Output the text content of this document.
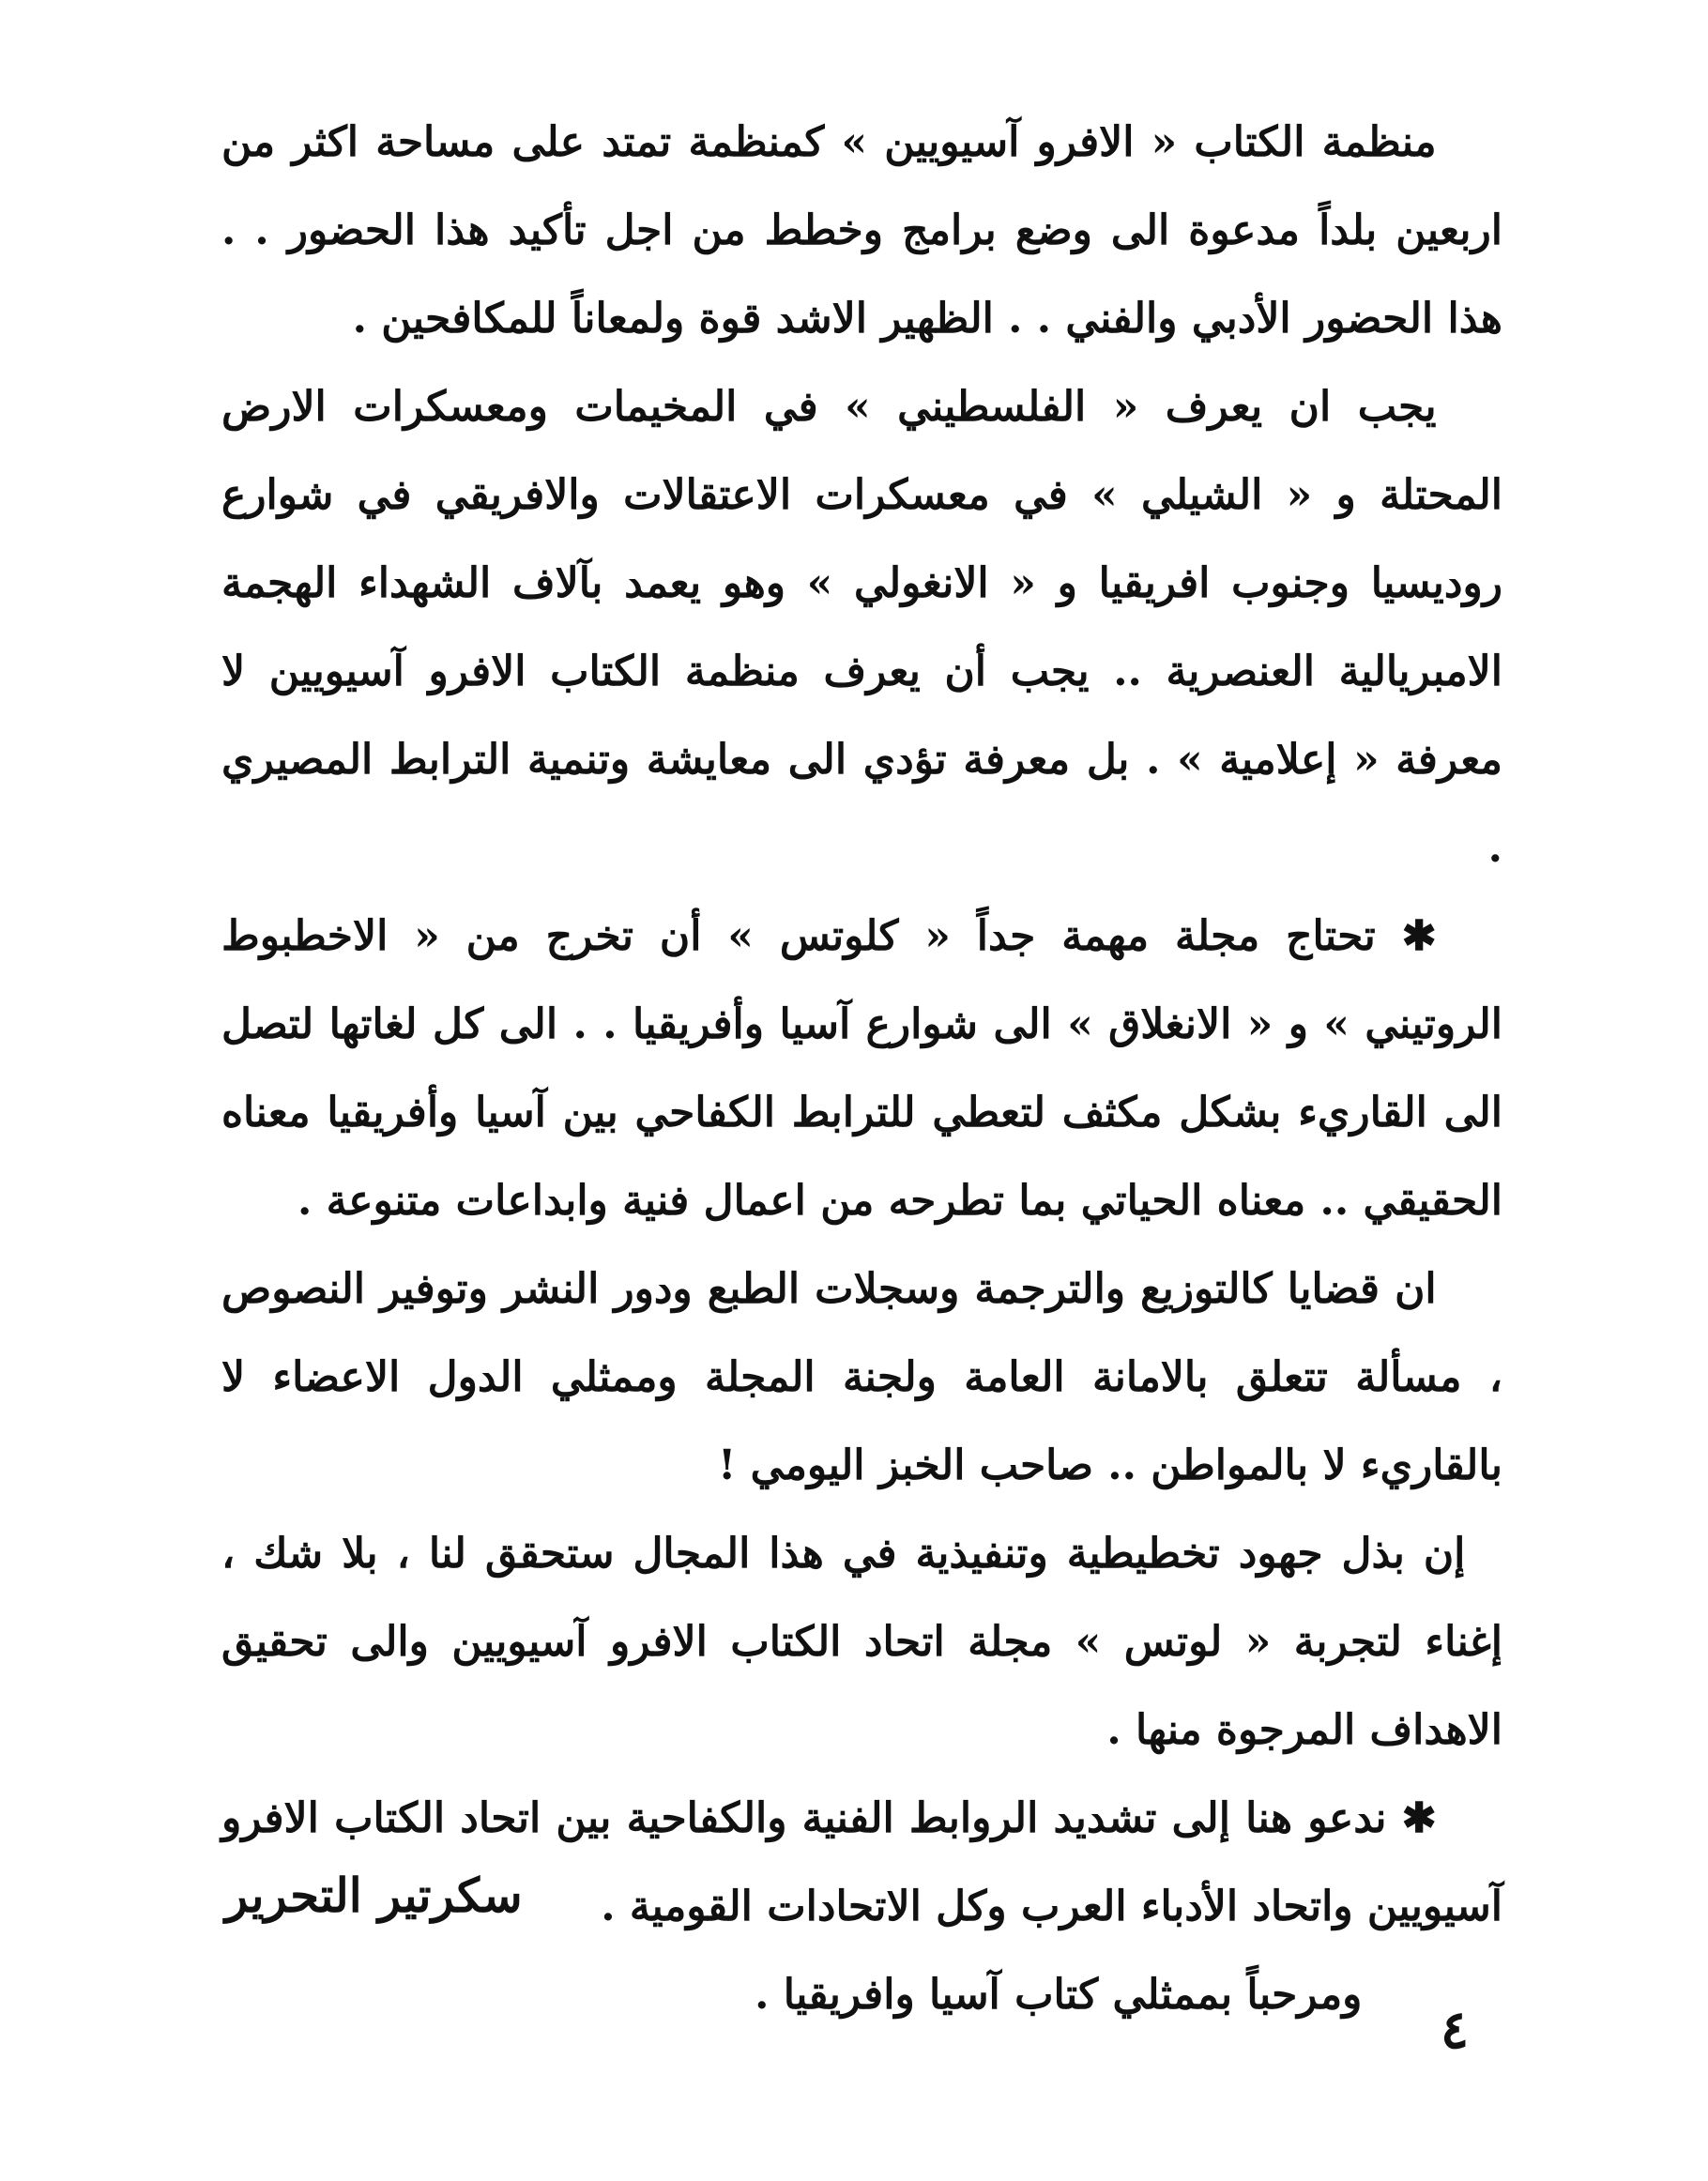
منظمة الكتاب « الافرو آسيويين » كمنظمة تمتد على مساحة اكثر من اربعين بلداً مدعوة الى وضع برامج وخطط من اجل تأكيد هذا الحضور . . هذا الحضور الأدبي والفني . . الظهير الاشد قوة ولمعاناً للمكافحين .

يجب ان يعرف « الفلسطيني » في المخيمات ومعسكرات الارض المحتلة و « الشيلي » في معسكرات الاعتقالات والافريقي في شوارع روديسيا وجنوب افريقيا و « الانغولي » وهو يعمد بآلاف الشهداء الهجمة الامبريالية العنصرية .. يجب أن يعرف منظمة الكتاب الافرو آسيويين لا معرفة « إعلامية » . بل معرفة تؤدي الى معايشة وتنمية الترابط المصيري .

✱ تحتاج مجلة مهمة جداً « كلوتس » أن تخرج من « الاخطبوط الروتيني » و « الانغلاق » الى شوارع آسيا وأفريقيا . . الى كل لغاتها لتصل الى القاريء بشكل مكثف لتعطي للترابط الكفاحي بين آسيا وأفريقيا معناه الحقيقي .. معناه الحياتي بما تطرحه من اعمال فنية وابداعات متنوعة .

ان قضايا كالتوزيع والترجمة وسجلات الطبع ودور النشر وتوفير النصوص ، مسألة تتعلق بالامانة العامة ولجنة المجلة وممثلي الدول الاعضاء لا بالقاريء لا بالمواطن .. صاحب الخبز اليومي !

إن بذل جهود تخطيطية وتنفيذية في هذا المجال ستحقق لنا ، بلا شك ، إغناء لتجربة « لوتس » مجلة اتحاد الكتاب الافرو آسيويين والى تحقيق الاهداف المرجوة منها .

✱ ندعو هنا إلى تشديد الروابط الفنية والكفاحية بين اتحاد الكتاب الافرو آسيويين واتحاد الأدباء العرب وكل الاتحادات القومية .

ومرحباً بممثلي كتاب آسيا وافريقيا .

سكرتير التحرير
٤
